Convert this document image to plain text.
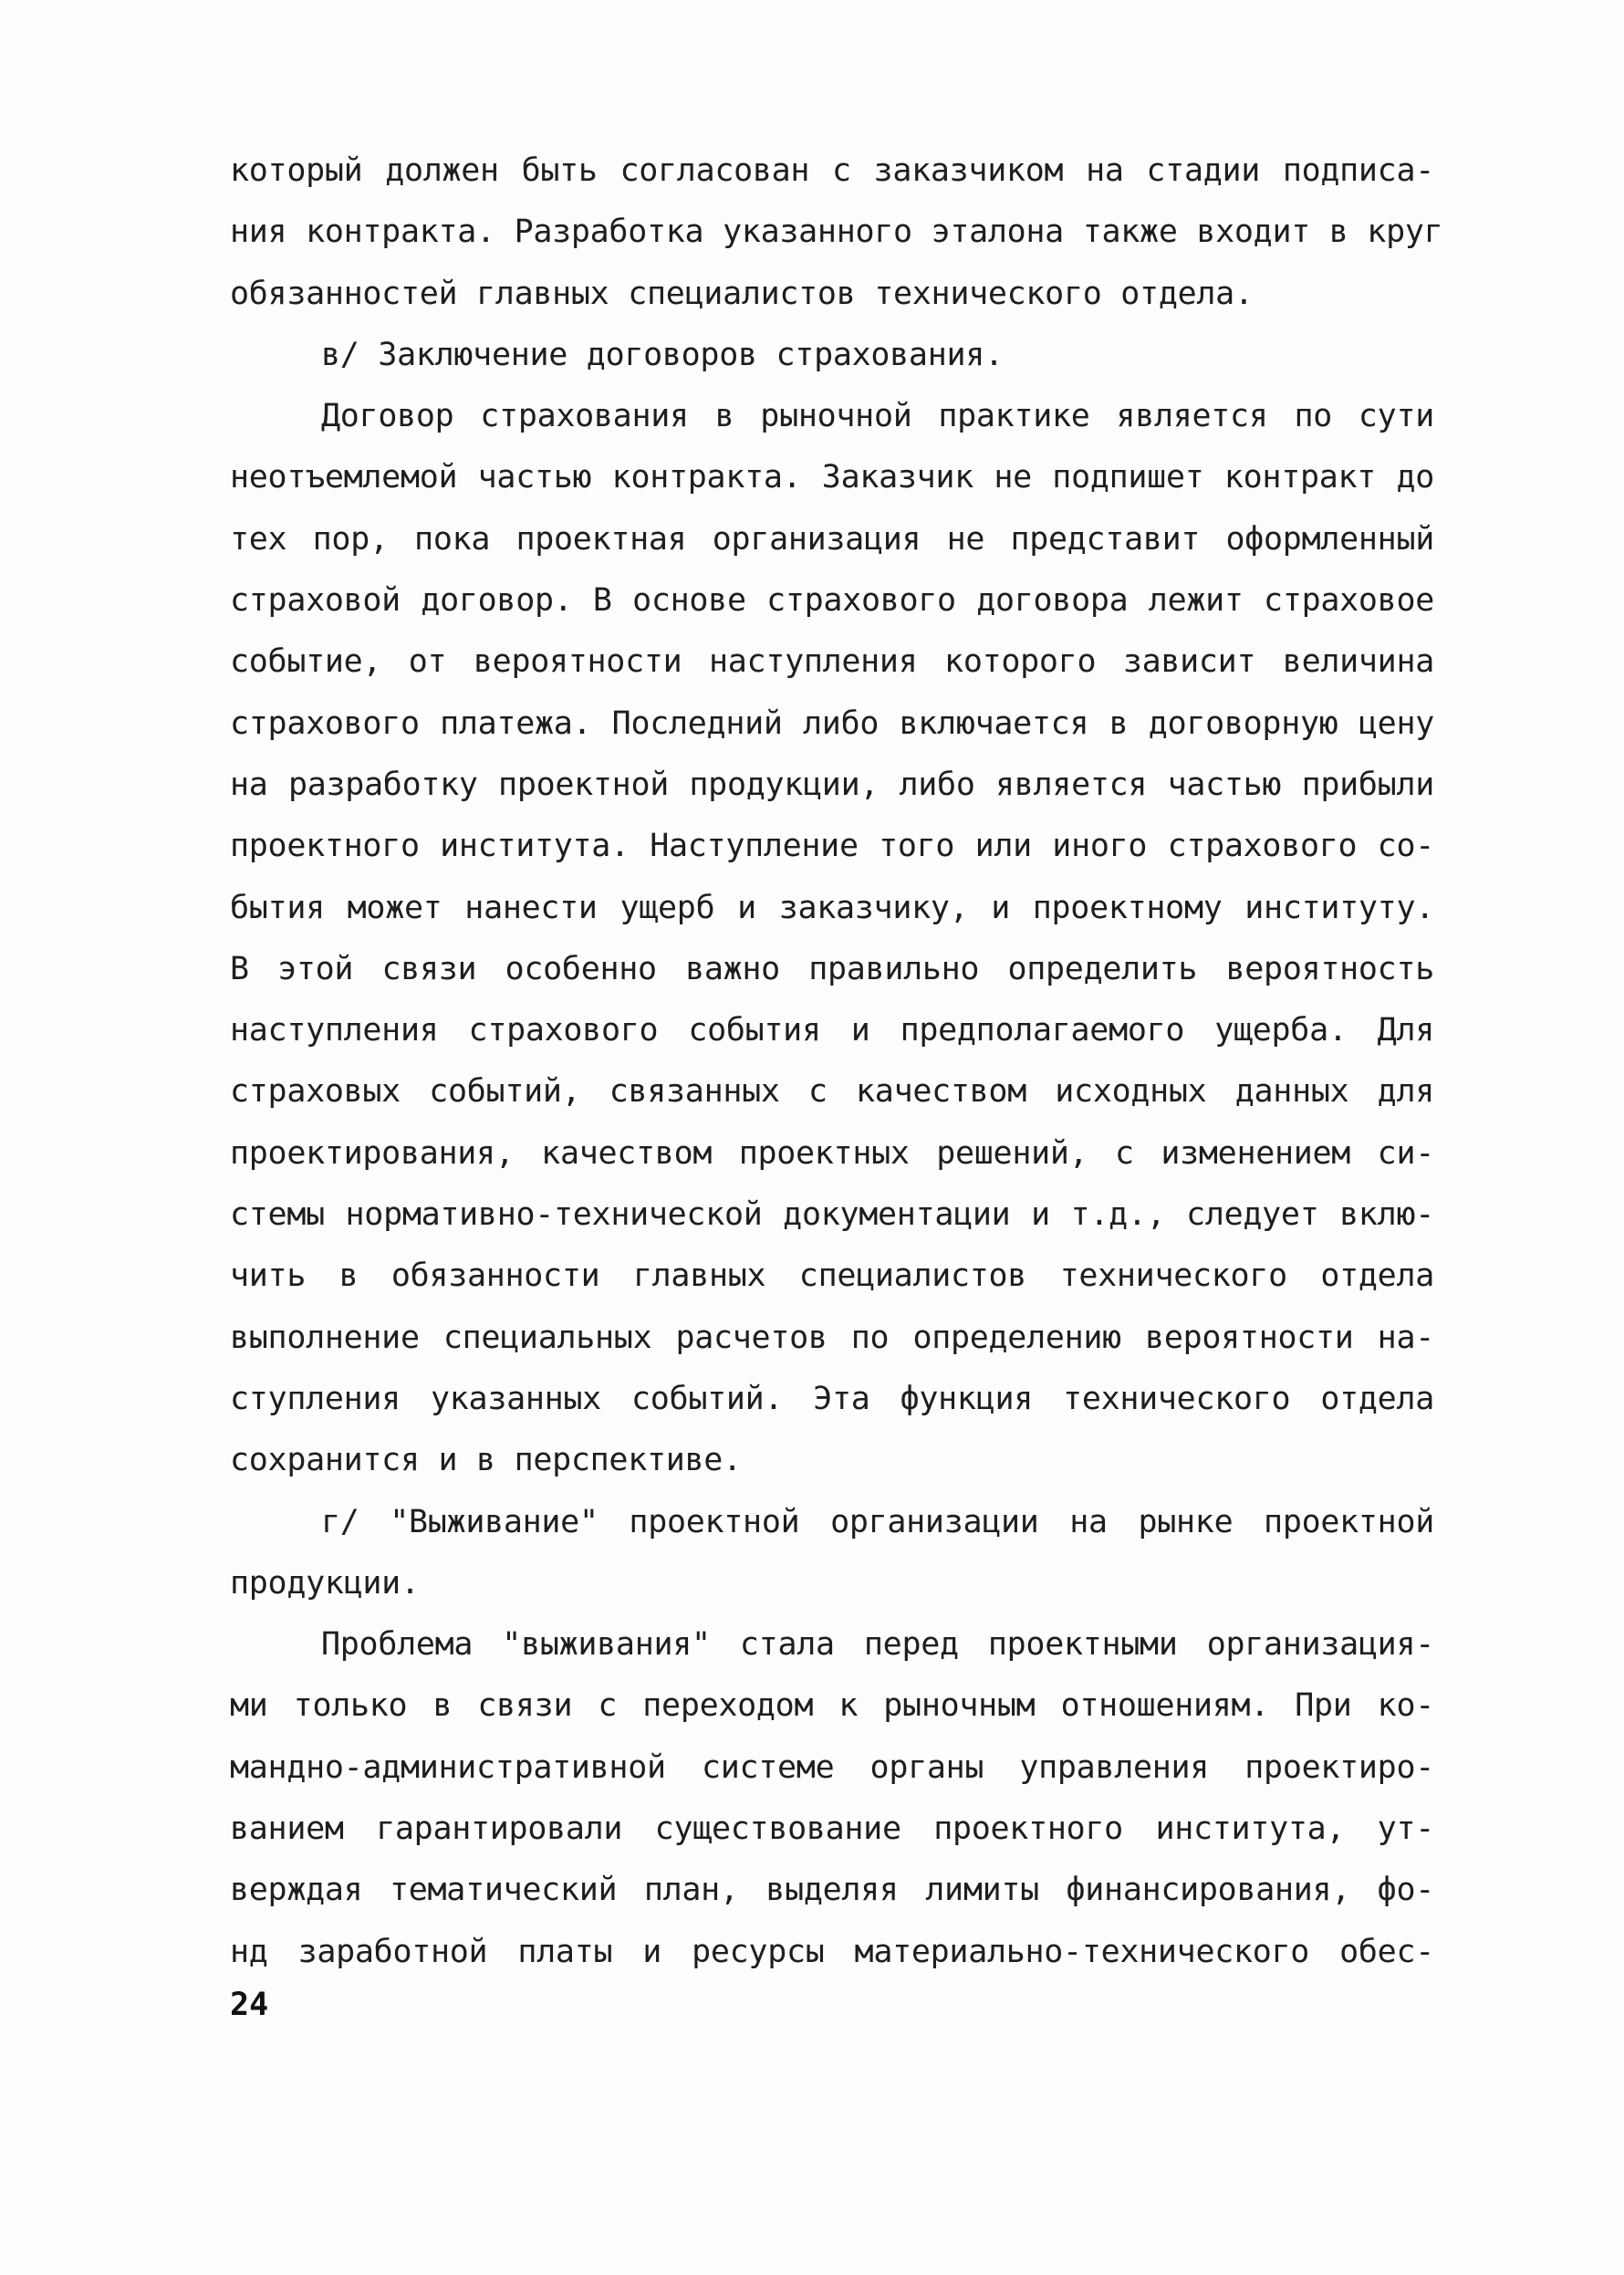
который должен быть согласован с заказчиком на стадии подписа-
ния контракта. Разработка указанного эталона также входит в круг
обязанностей главных специалистов технического отдела.
в/ Заключение договоров страхования.
Договор страхования в рыночной практике является по сути
неотъемлемой частью контракта. Заказчик не подпишет контракт до
тех пор, пока проектная организация не представит оформленный
страховой договор. В основе страхового договора лежит страховое
событие, от вероятности наступления которого зависит величина
страхового платежа. Последний либо включается в договорную цену
на разработку проектной продукции, либо является частью прибыли
проектного института. Наступление того или иного страхового со-
бытия может нанести ущерб и заказчику, и проектному институту.
В этой связи особенно важно правильно определить вероятность
наступления страхового события и предполагаемого ущерба. Для
страховых событий, связанных с качеством исходных данных для
проектирования, качеством проектных решений, с изменением си-
стемы нормативно-технической документации и т.д., следует вклю-
чить в обязанности главных специалистов технического отдела
выполнение специальных расчетов по определению вероятности на-
ступления указанных событий. Эта функция технического отдела
сохранится и в перспективе.
г/ "Выживание" проектной организации на рынке проектной
продукции.
Проблема "выживания" стала перед проектными организация-
ми только в связи с переходом к рыночным отношениям. При ко-
мандно-административной системе органы управления проектиро-
ванием гарантировали существование проектного института, ут-
верждая тематический план, выделяя лимиты финансирования, фо-
нд заработной платы и ресурсы материально-технического обес-
24
